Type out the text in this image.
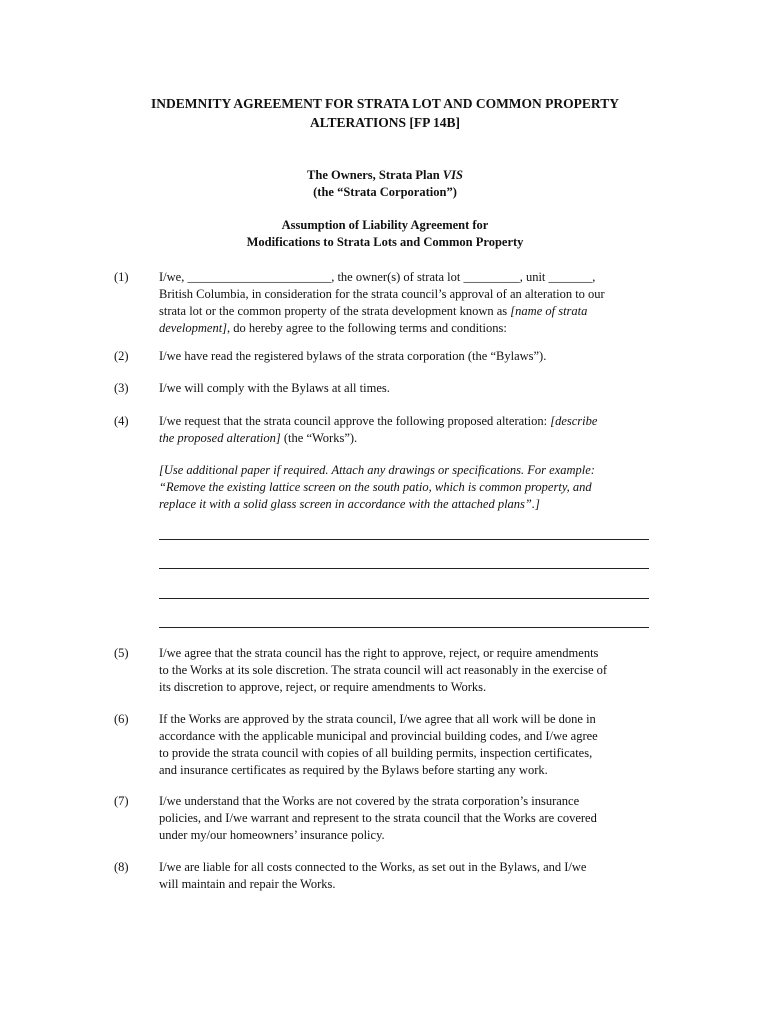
INDEMNITY AGREEMENT FOR STRATA LOT AND COMMON PROPERTY
ALTERATIONS [FP 14B]
The Owners, Strata Plan VIS
(the “Strata Corporation”)
Assumption of Liability Agreement for
Modifications to Strata Lots and Common Property
(1)	I/we, _______________________, the owner(s) of strata lot _________, unit _______,
British Columbia, in consideration for the strata council’s approval of an alteration to our
strata lot or the common property of the strata development known as [name of strata
development], do hereby agree to the following terms and conditions:
(2)	I/we have read the registered bylaws of the strata corporation (the “Bylaws”).
(3)	I/we will comply with the Bylaws at all times.
(4)	I/we request that the strata council approve the following proposed alteration: [describe
the proposed alteration] (the “Works”).
[Use additional paper if required. Attach any drawings or specifications. For example:
“Remove the existing lattice screen on the south patio, which is common property, and
replace it with a solid glass screen in accordance with the attached plans”.]
(5)	I/we agree that the strata council has the right to approve, reject, or require amendments
to the Works at its sole discretion. The strata council will act reasonably in the exercise of
its discretion to approve, reject, or require amendments to Works.
(6)	If the Works are approved by the strata council, I/we agree that all work will be done in
accordance with the applicable municipal and provincial building codes, and I/we agree
to provide the strata council with copies of all building permits, inspection certificates,
and insurance certificates as required by the Bylaws before starting any work.
(7)	I/we understand that the Works are not covered by the strata corporation’s insurance
policies, and I/we warrant and represent to the strata council that the Works are covered
under my/our homeowners’ insurance policy.
(8)	I/we are liable for all costs connected to the Works, as set out in the Bylaws, and I/we
will maintain and repair the Works.
